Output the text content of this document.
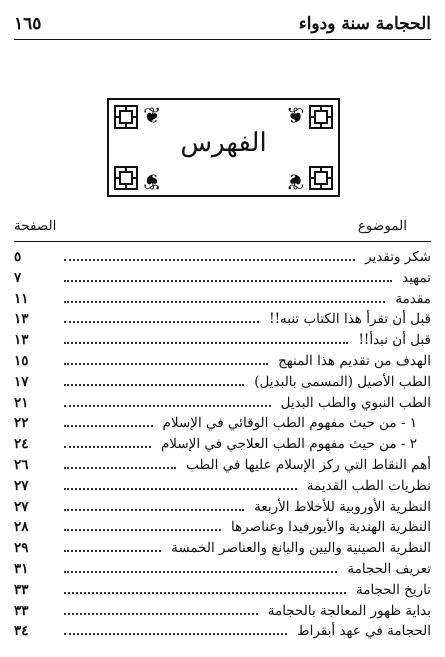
الحجامة سنة ودواء
١٦٥
❦	❦
❦	❦
الفهرس
الموضوع
الصفحة
شكر وتقدير
٥
تمهيد
٧
مقدمة
١١
قبل أن تقرأ هذا الكتاب تنبه!!
١٣
قبل أن نبدأ!!
١٣
الهدف من تقديم هذا المنهج
١٥
الطب الأصيل (المسمى بالبديل)
١٧
الطب النبوي والطب البديل
٢١
١ - من حيث مفهوم الطب الوقائي في الإسلام
٢٢
٢ - من حيث مفهوم الطب العلاجي في الإسلام
٢٤
أهم النقاط التي ركز الإسلام عليها في الطب
٢٦
نظريات الطب القديمة
٢٧
النظرية الأوروبية للأخلاط الأربعة
٢٧
النظرية الهندية والأيورفيدا وعناصرها
٢٨
النظرية الصينية واليين واليانغ والعناصر الخمسة
٢٩
تعريف الحجامة
٣١
تاريخ الحجامة
٣٣
بداية ظهور المعالجة بالحجامة
٣٣
الحجامة في عهد أبقراط
٣٤
